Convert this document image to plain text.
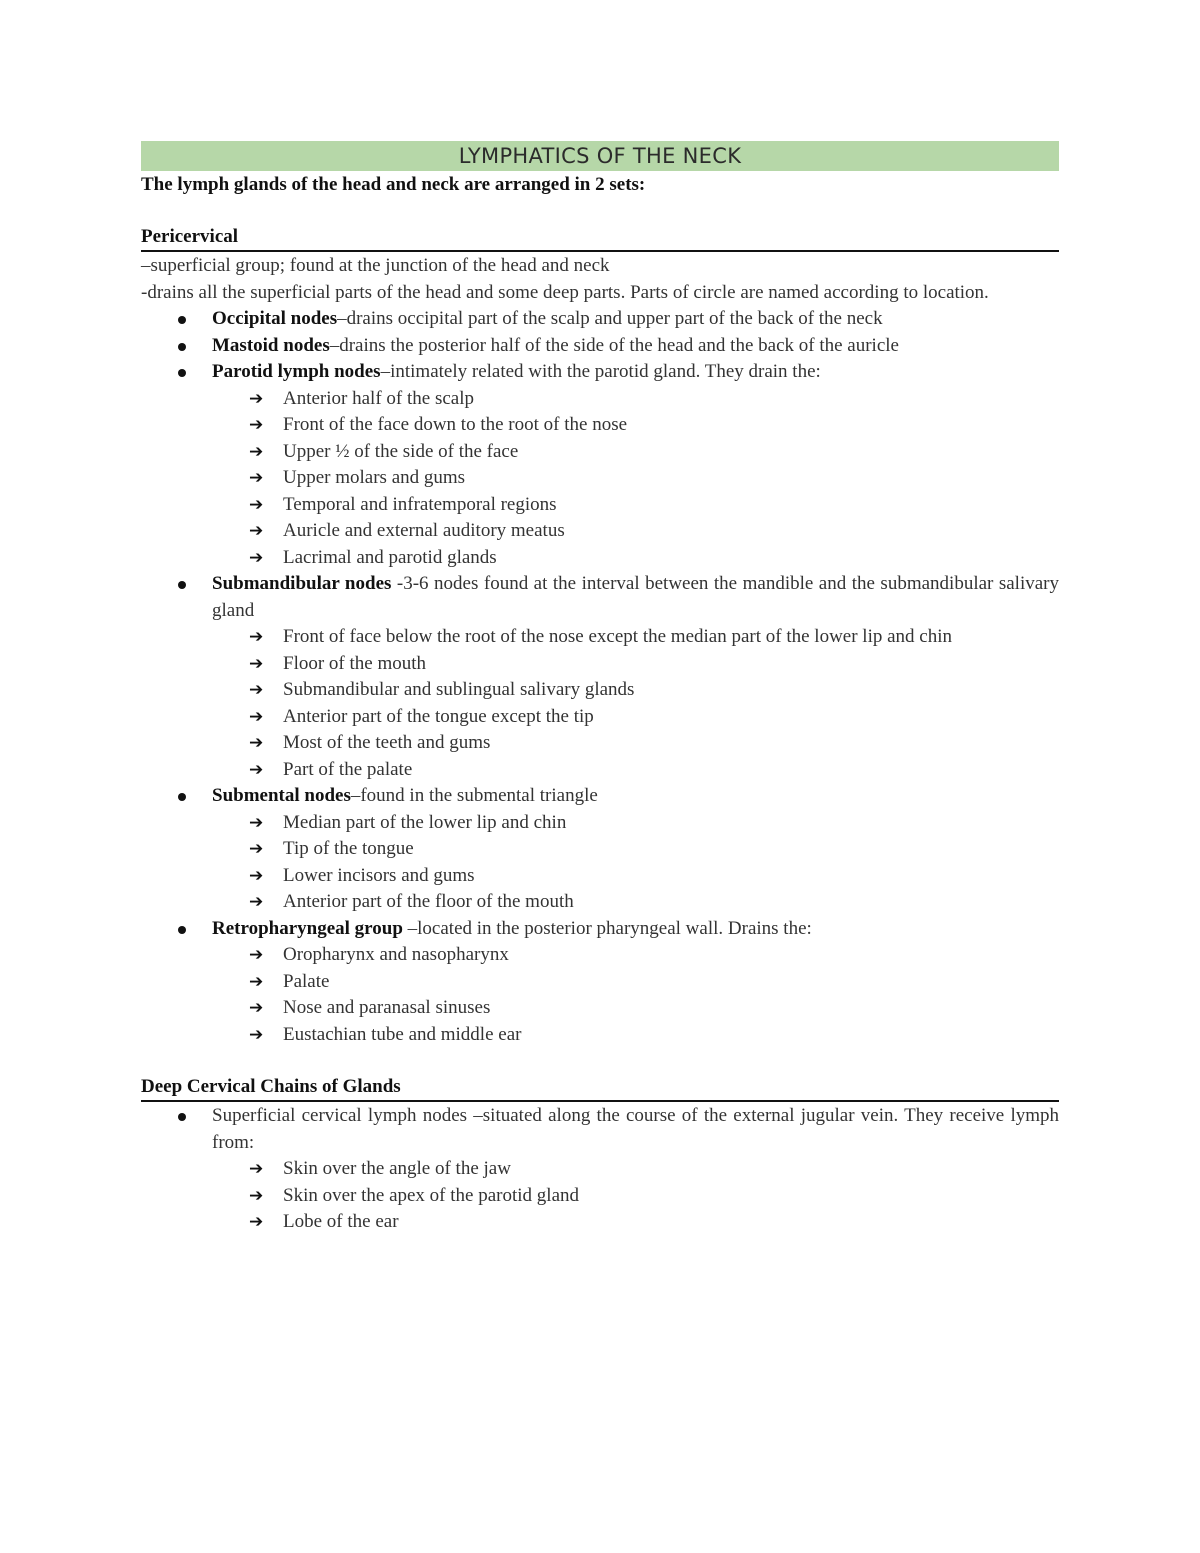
LYMPHATICS OF THE NECK
The lymph glands of the head and neck are arranged in 2 sets:
Pericervical
–superficial group; found at the junction of the head and neck
-drains all the superficial parts of the head and some deep parts. Parts of circle are named according to location.
Occipital nodes–drains occipital part of the scalp and upper part of the back of the neck
Mastoid nodes–drains the posterior half of the side of the head and the back of the auricle
Parotid lymph nodes–intimately related with the parotid gland. They drain the:
➔ Anterior half of the scalp
➔ Front of the face down to the root of the nose
➔ Upper ½ of the side of the face
➔ Upper molars and gums
➔ Temporal and infratemporal regions
➔ Auricle and external auditory meatus
➔ Lacrimal and parotid glands
Submandibular nodes -3-6 nodes found at the interval between the mandible and the submandibular salivary gland
➔ Front of face below the root of the nose except the median part of the lower lip and chin
➔ Floor of the mouth
➔ Submandibular and sublingual salivary glands
➔ Anterior part of the tongue except the tip
➔ Most of the teeth and gums
➔ Part of the palate
Submental nodes–found in the submental triangle
➔ Median part of the lower lip and chin
➔ Tip of the tongue
➔ Lower incisors and gums
➔ Anterior part of the floor of the mouth
Retropharyngeal group –located in the posterior pharyngeal wall. Drains the:
➔ Oropharynx and nasopharynx
➔ Palate
➔ Nose and paranasal sinuses
➔ Eustachian tube and middle ear
Deep Cervical Chains of Glands
Superficial cervical lymph nodes –situated along the course of the external jugular vein. They receive lymph from:
➔ Skin over the angle of the jaw
➔ Skin over the apex of the parotid gland
➔ Lobe of the ear
